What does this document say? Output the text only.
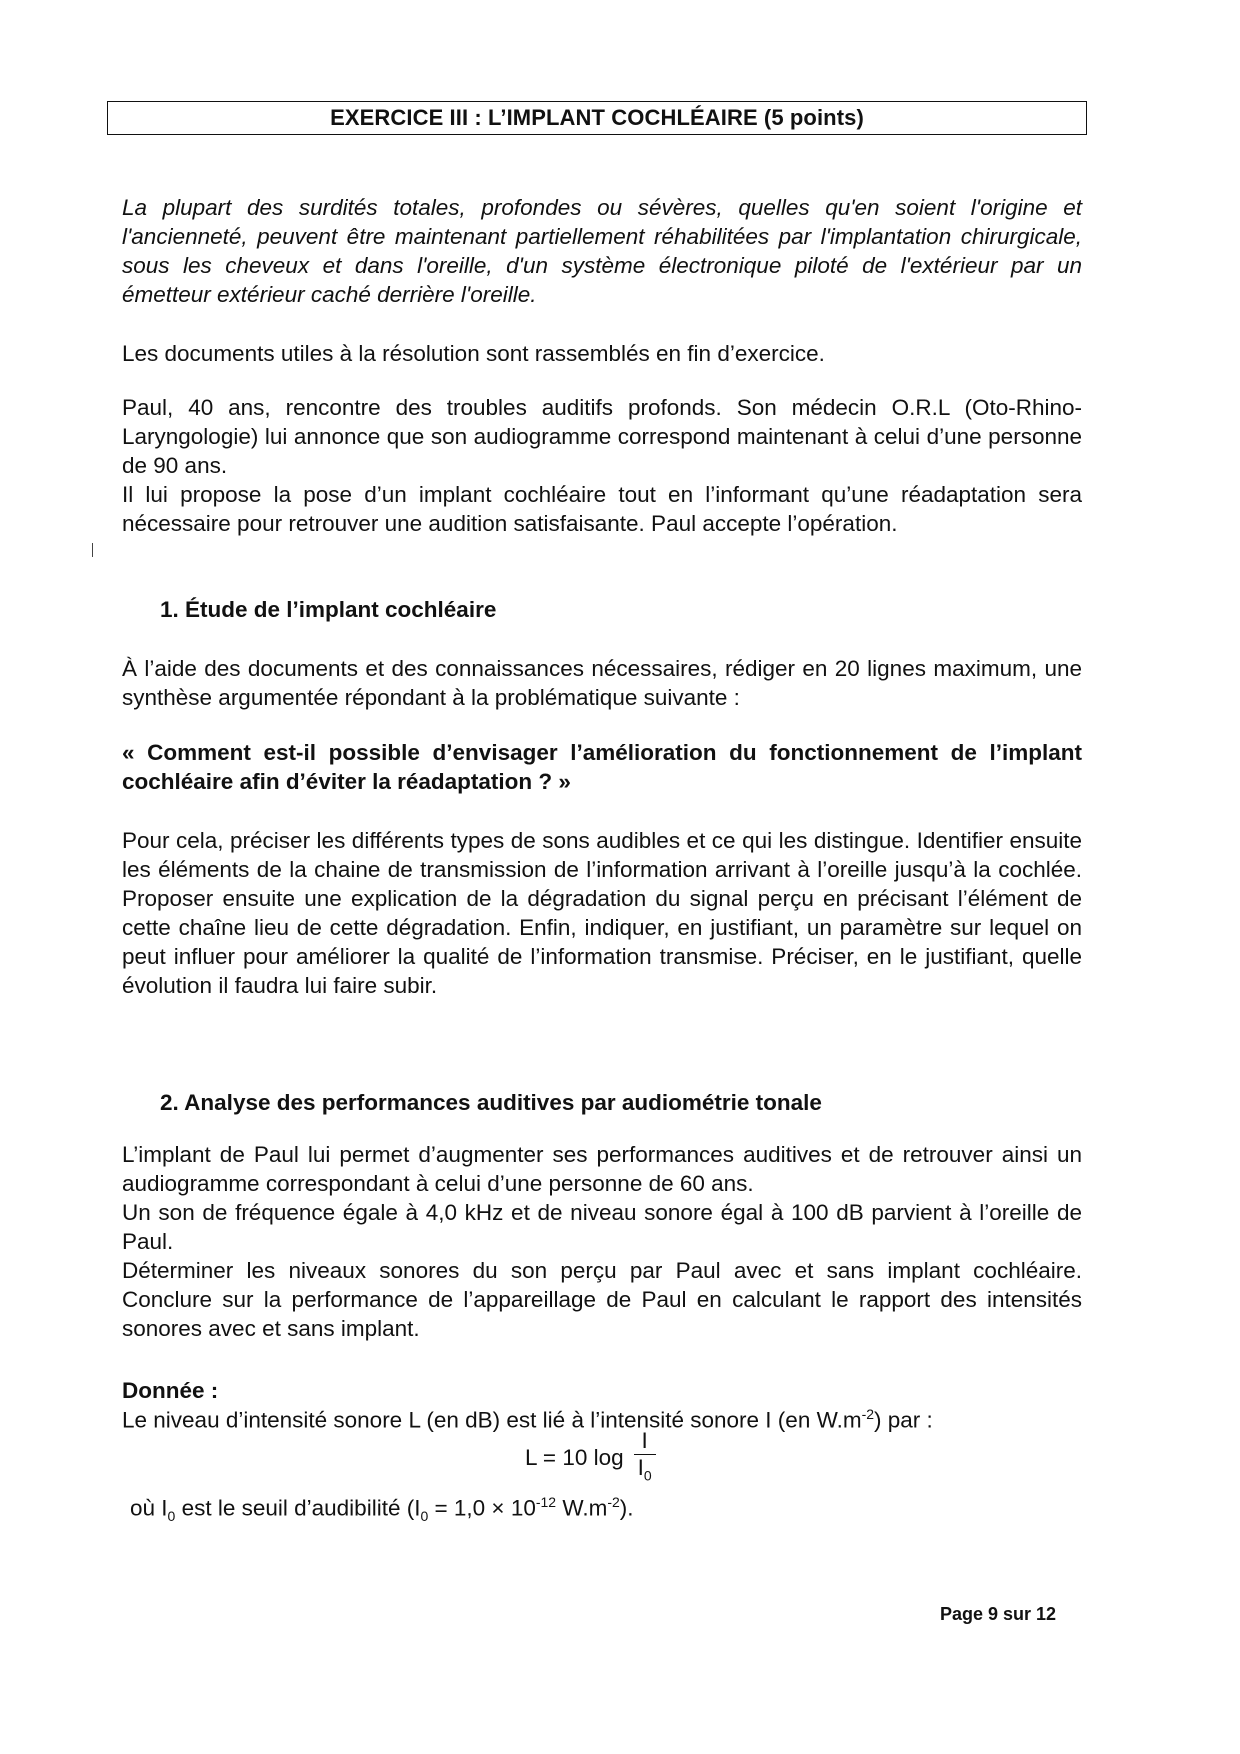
EXERCICE III : L’IMPLANT COCHLÉAIRE (5 points)

La plupart des surdités totales, profondes ou sévères, quelles qu'en soient l'origine et l'ancienneté, peuvent être maintenant partiellement réhabilitées par l'implantation chirurgicale, sous les cheveux et dans l'oreille, d'un système électronique piloté de l'extérieur par un émetteur extérieur caché derrière l'oreille.

Les documents utiles à la résolution sont rassemblés en fin d’exercice.

Paul, 40 ans, rencontre des troubles auditifs profonds. Son médecin O.R.L (Oto-Rhino-Laryngologie) lui annonce que son audiogramme correspond maintenant à celui d’une personne de 90 ans.
Il lui propose la pose d’un implant cochléaire tout en l’informant qu’une réadaptation sera nécessaire pour retrouver une audition satisfaisante. Paul accepte l’opération.

1. Étude de l’implant cochléaire

À l’aide des documents et des connaissances nécessaires, rédiger en 20 lignes maximum, une synthèse argumentée répondant à la problématique suivante :

« Comment est-il possible d’envisager l’amélioration du fonctionnement de l’implant cochléaire afin d’éviter la réadaptation ? »

Pour cela, préciser les différents types de sons audibles et ce qui les distingue. Identifier ensuite les éléments de la chaine de transmission de l’information arrivant à l’oreille jusqu’à la cochlée. Proposer ensuite une explication de la dégradation du signal perçu en précisant l’élément de cette chaîne lieu de cette dégradation. Enfin, indiquer, en justifiant, un paramètre sur lequel on peut influer pour améliorer la qualité de l’information transmise. Préciser, en le justifiant, quelle évolution il faudra lui faire subir.

2. Analyse des performances auditives par audiométrie tonale

L’implant de Paul lui permet d’augmenter ses performances auditives et de retrouver ainsi un audiogramme correspondant à celui d’une personne de 60 ans.
Un son de fréquence égale à 4,0 kHz et de niveau sonore égal à 100 dB parvient à l’oreille de Paul.
Déterminer les niveaux sonores du son perçu par Paul avec et sans implant cochléaire. Conclure sur la performance de l’appareillage de Paul en calculant le rapport des intensités sonores avec et sans implant.

Donnée :

Le niveau d’intensité sonore L (en dB) est lié à l’intensité sonore I (en $W.m^{-2}$) par :

L = 10 $\log \frac{I}{I_0}$

où $I_0$ est le seuil d’audibilité ($I_0 = 1,0 \times 10^{-12}$ $W.m^{-2}$).

Page 9 sur 12
